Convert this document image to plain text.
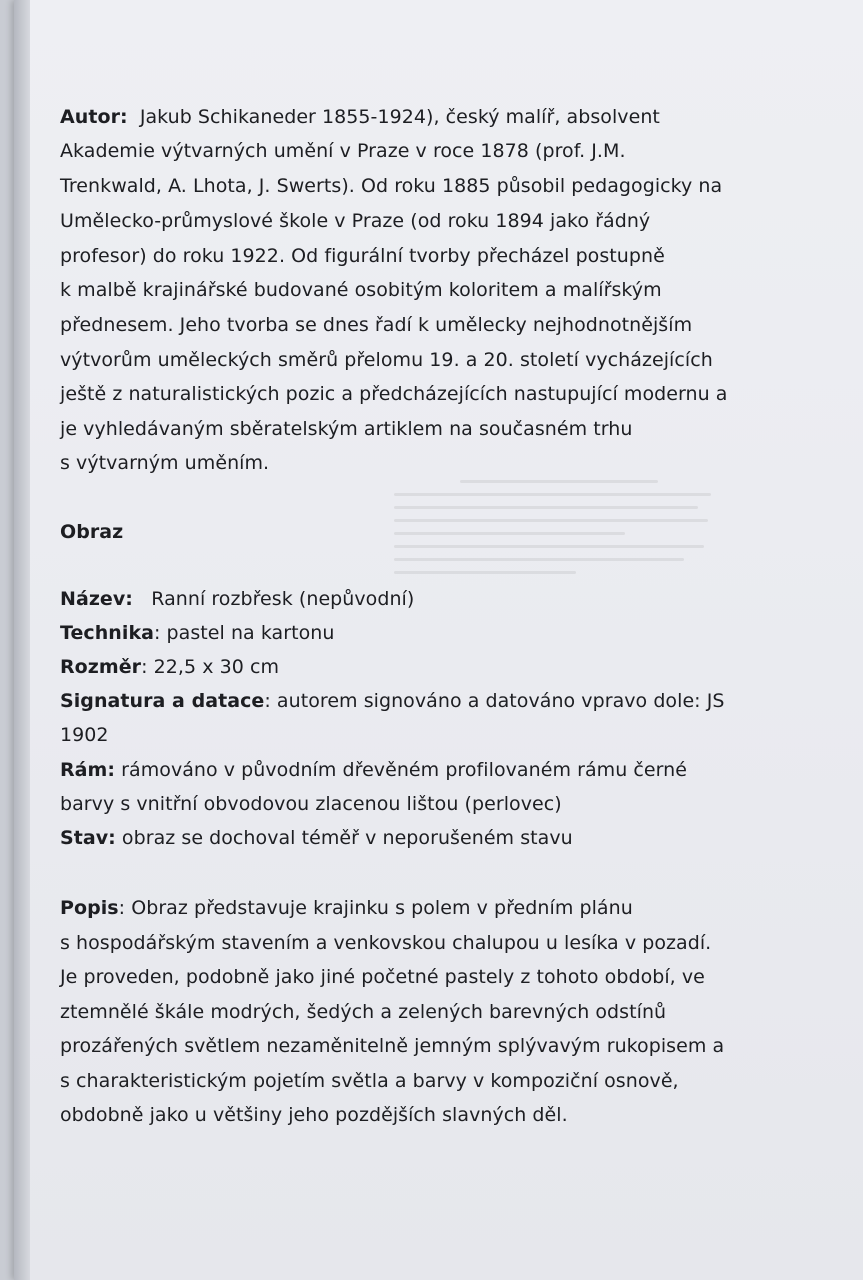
Autor: Jakub Schikaneder 1855-1924), český malíř, absolvent
Akademie výtvarných umění v Praze v roce 1878 (prof. J.M.
Trenkwald, A. Lhota, J. Swerts). Od roku 1885 působil pedagogicky na
Umělecko-průmyslové škole v Praze (od roku 1894 jako řádný
profesor) do roku 1922. Od figurální tvorby přecházel postupně
k malbě krajinářské budované osobitým koloritem a malířským
přednesem. Jeho tvorba se dnes řadí k umělecky nejhodnotnějším
výtvorům uměleckých směrů přelomu 19. a 20. století vycházejících
ještě z naturalistických pozic a předcházejících nastupující modernu a
je vyhledávaným sběratelským artiklem na současném trhu
s výtvarným uměním.
Obraz
Název: Ranní rozbřesk (nepůvodní)
Technika: pastel na kartonu
Rozměr: 22,5 x 30 cm
Signatura a datace: autorem signováno a datováno vpravo dole: JS
1902
Rám: rámováno v původním dřevěném profilovaném rámu černé
barvy s vnitřní obvodovou zlacenou lištou (perlovec)
Stav: obraz se dochoval téměř v neporušeném stavu
Popis: Obraz představuje krajinku s polem v předním plánu
s hospodářským stavením a venkovskou chalupou u lesíka v pozadí.
Je proveden, podobně jako jiné početné pastely z tohoto období, ve
ztemnělé škále modrých, šedých a zelených barevných odstínů
prozářených světlem nezaměnitelně jemným splývavým rukopisem a
s charakteristickým pojetím světla a barvy v kompoziční osnově,
obdobně jako u většiny jeho pozdějších slavných děl.
